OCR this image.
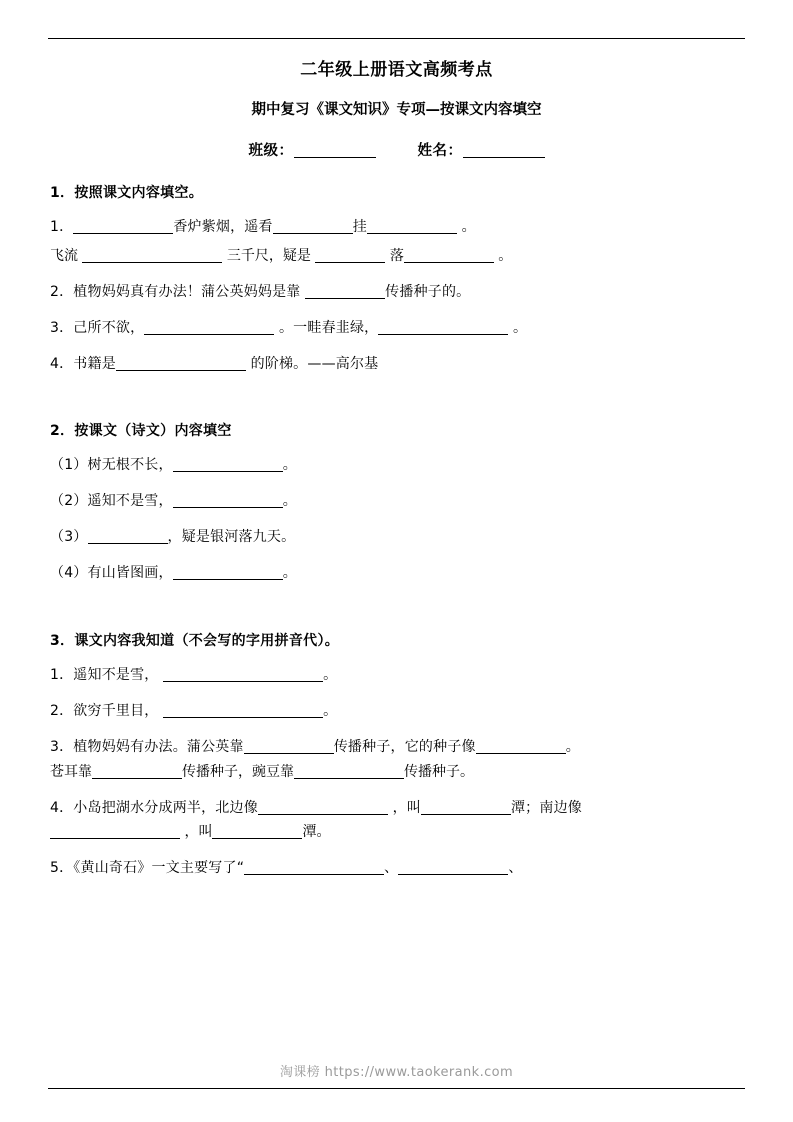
二年级上册语文高频考点
期中复习《课文知识》专项—按课文内容填空
班级：	姓名：
1．按照课文内容填空。
1．	香炉紫烟，遥看	挂	。
飞流	三千尺，疑是	落	。
2．植物妈妈真有办法！蒲公英妈妈是靠	传播种子的。
3．己所不欲，	。一畦春韭绿，	。
4．书籍是	的阶梯。——高尔基
2．按课文（诗文）内容填空
（1）树无根不长，	。
（2）遥知不是雪，	。
（3）	，疑是银河落九天。
（4）有山皆图画，	。
3．课文内容我知道（不会写的字用拼音代）。
1．遥知不是雪，	。
2．欲穷千里目，	。
3．植物妈妈有办法。蒲公英靠	传播种子，它的种子像	。
苍耳靠	传播种子，豌豆靠	传播种子。
4．小岛把湖水分成两半，北边像	，叫	潭；南边像
，叫	潭。
5．《黄山奇石》一文主要写了“	、	、
淘课榜 https://www.taokerank.com
